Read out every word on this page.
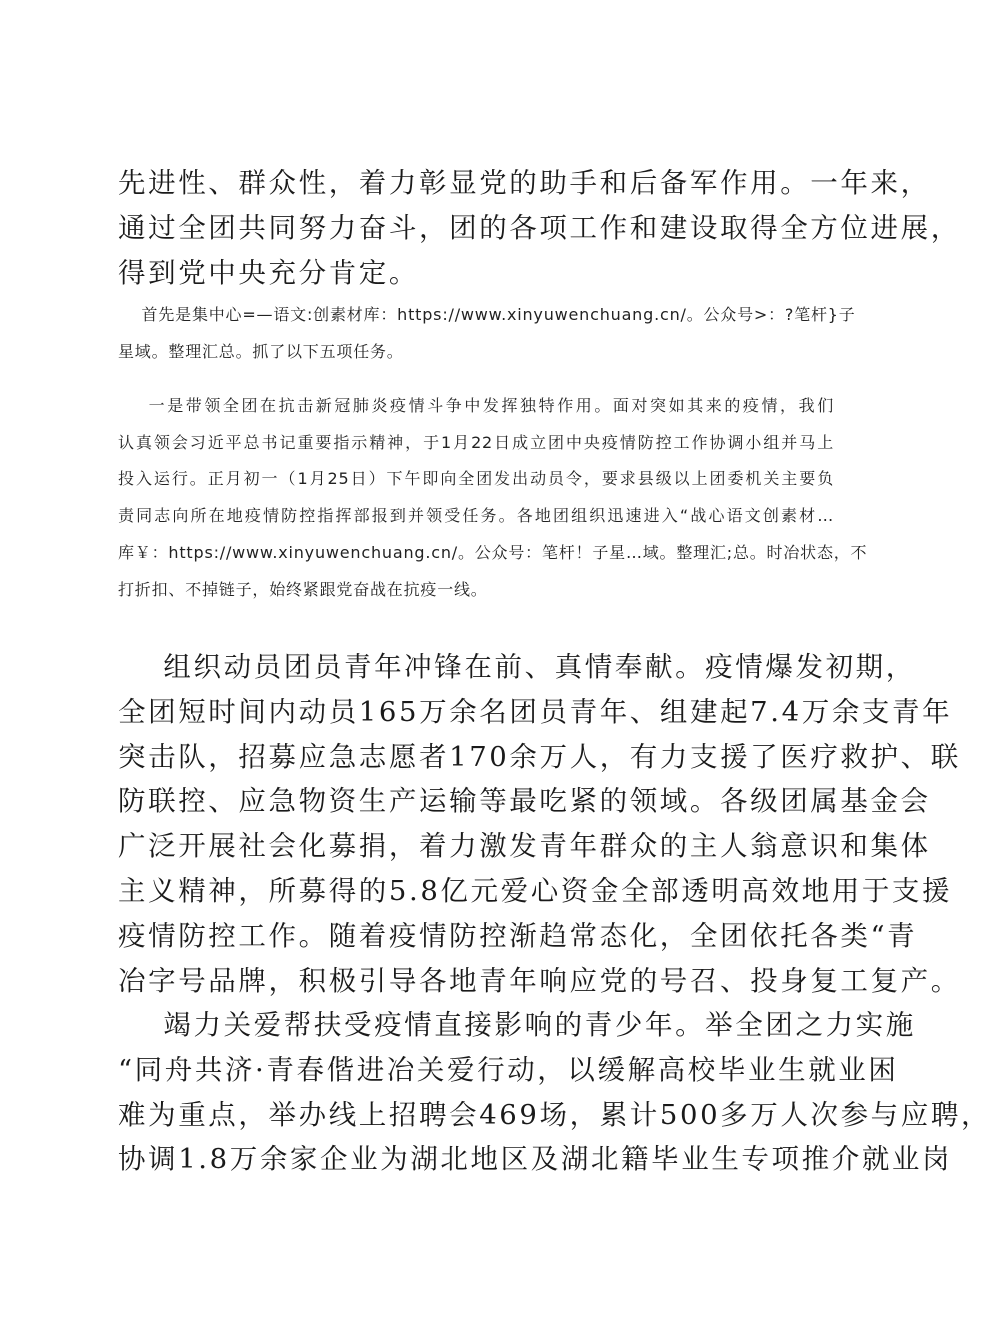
先进性、群众性，着力彰显党的助手和后备军作用。一年来，
通过全团共同努力奋斗，团的各项工作和建设取得全方位进展，
得到党中央充分肯定。
首先是集中心=—语文:创素材库：https://www.xinyuwenchuang.cn/。公众号>：?笔杆}子
星域。整理汇总。抓了以下五项任务。
一是带领全团在抗击新冠肺炎疫情斗争中发挥独特作用。面对突如其来的疫情，我们
认真领会习近平总书记重要指示精神，于1月22日成立团中央疫情防控工作协调小组并马上
投入运行。正月初一（1月25日）下午即向全团发出动员令，要求县级以上团委机关主要负
责同志向所在地疫情防控指挥部报到并领受任务。各地团组织迅速进入“战心语文创素材…
库￥：https://www.xinyuwenchuang.cn/。公众号：笔杆！子星…域。整理汇;总。时冶状态，不
打折扣、不掉链子，始终紧跟党奋战在抗疫一线。
组织动员团员青年冲锋在前、真情奉献。疫情爆发初期，
全团短时间内动员165万余名团员青年、组建起7.4万余支青年
突击队，招募应急志愿者170余万人，有力支援了医疗救护、联
防联控、应急物资生产运输等最吃紧的领域。各级团属基金会
广泛开展社会化募捐，着力激发青年群众的主人翁意识和集体
主义精神，所募得的5.8亿元爱心资金全部透明高效地用于支援
疫情防控工作。随着疫情防控渐趋常态化，全团依托各类“青
冶字号品牌，积极引导各地青年响应党的号召、投身复工复产。
竭力关爱帮扶受疫情直接影响的青少年。举全团之力实施
“同舟共济·青春偕进冶关爱行动，以缓解高校毕业生就业困
难为重点，举办线上招聘会469场，累计500多万人次参与应聘，
协调1.8万余家企业为湖北地区及湖北籍毕业生专项推介就业岗
